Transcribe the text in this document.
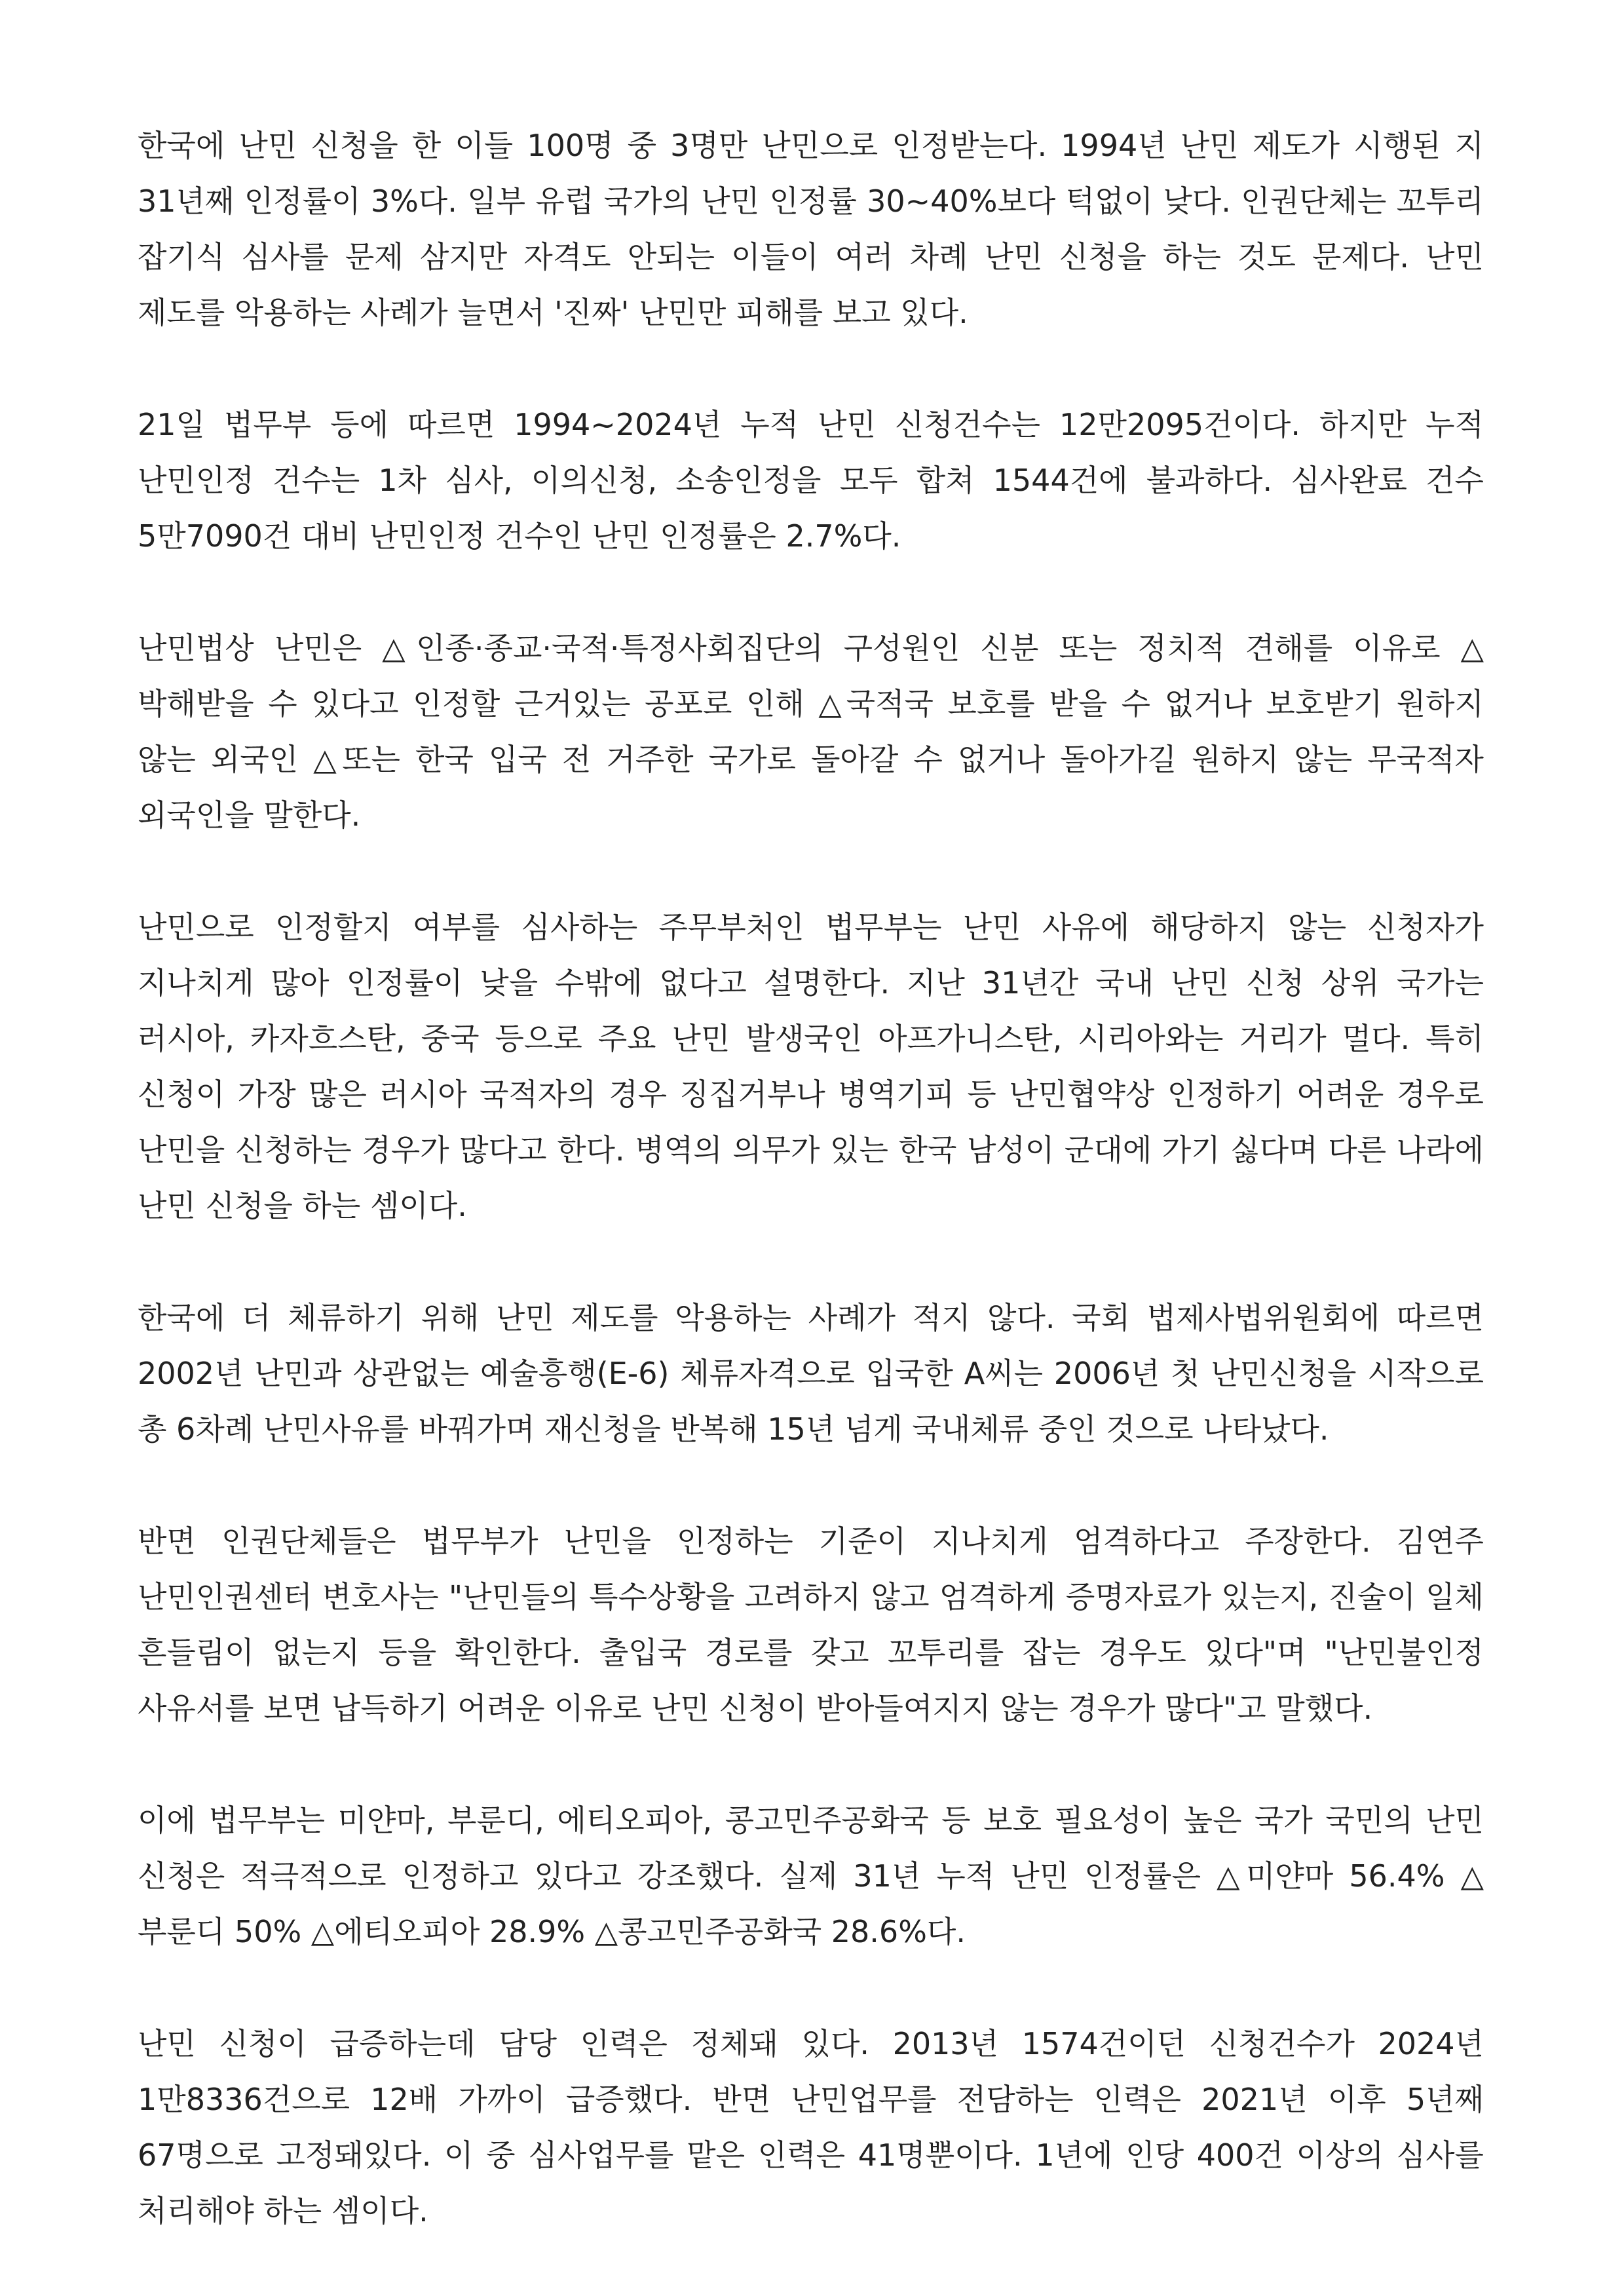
한국에 난민 신청을 한 이들 100명 중 3명만 난민으로 인정받는다. 1994년 난민 제도가 시행된 지 31년째 인정률이 3%다. 일부 유럽 국가의 난민 인정률 30~40%보다 턱없이 낮다. 인권단체는 꼬투리 잡기식 심사를 문제 삼지만 자격도 안되는 이들이 여러 차례 난민 신청을 하는 것도 문제다. 난민 제도를 악용하는 사례가 늘면서 '진짜' 난민만 피해를 보고 있다.

21일 법무부 등에 따르면 1994~2024년 누적 난민 신청건수는 12만2095건이다. 하지만 누적 난민인정 건수는 1차 심사, 이의신청, 소송인정을 모두 합쳐 1544건에 불과하다. 심사완료 건수 5만7090건 대비 난민인정 건수인 난민 인정률은 2.7%다.

난민법상 난민은 △인종·종교·국적·특정사회집단의 구성원인 신분 또는 정치적 견해를 이유로 △박해받을 수 있다고 인정할 근거있는 공포로 인해 △국적국 보호를 받을 수 없거나 보호받기 원하지 않는 외국인 △또는 한국 입국 전 거주한 국가로 돌아갈 수 없거나 돌아가길 원하지 않는 무국적자 외국인을 말한다.

난민으로 인정할지 여부를 심사하는 주무부처인 법무부는 난민 사유에 해당하지 않는 신청자가 지나치게 많아 인정률이 낮을 수밖에 없다고 설명한다. 지난 31년간 국내 난민 신청 상위 국가는 러시아, 카자흐스탄, 중국 등으로 주요 난민 발생국인 아프가니스탄, 시리아와는 거리가 멀다. 특히 신청이 가장 많은 러시아 국적자의 경우 징집거부나 병역기피 등 난민협약상 인정하기 어려운 경우로 난민을 신청하는 경우가 많다고 한다. 병역의 의무가 있는 한국 남성이 군대에 가기 싫다며 다른 나라에 난민 신청을 하는 셈이다.

한국에 더 체류하기 위해 난민 제도를 악용하는 사례가 적지 않다. 국회 법제사법위원회에 따르면 2002년 난민과 상관없는 예술흥행(E-6) 체류자격으로 입국한 A씨는 2006년 첫 난민신청을 시작으로 총 6차례 난민사유를 바꿔가며 재신청을 반복해 15년 넘게 국내체류 중인 것으로 나타났다.

반면 인권단체들은 법무부가 난민을 인정하는 기준이 지나치게 엄격하다고 주장한다. 김연주 난민인권센터 변호사는 "난민들의 특수상황을 고려하지 않고 엄격하게 증명자료가 있는지, 진술이 일체 흔들림이 없는지 등을 확인한다. 출입국 경로를 갖고 꼬투리를 잡는 경우도 있다"며 "난민불인정 사유서를 보면 납득하기 어려운 이유로 난민 신청이 받아들여지지 않는 경우가 많다"고 말했다.

이에 법무부는 미얀마, 부룬디, 에티오피아, 콩고민주공화국 등 보호 필요성이 높은 국가 국민의 난민 신청은 적극적으로 인정하고 있다고 강조했다. 실제 31년 누적 난민 인정률은 △미얀마 56.4% △부룬디 50% △에티오피아 28.9% △콩고민주공화국 28.6%다.

난민 신청이 급증하는데 담당 인력은 정체돼 있다. 2013년 1574건이던 신청건수가 2024년 1만8336건으로 12배 가까이 급증했다. 반면 난민업무를 전담하는 인력은 2021년 이후 5년째 67명으로 고정돼있다. 이 중 심사업무를 맡은 인력은 41명뿐이다. 1년에 인당 400건 이상의 심사를 처리해야 하는 셈이다.
